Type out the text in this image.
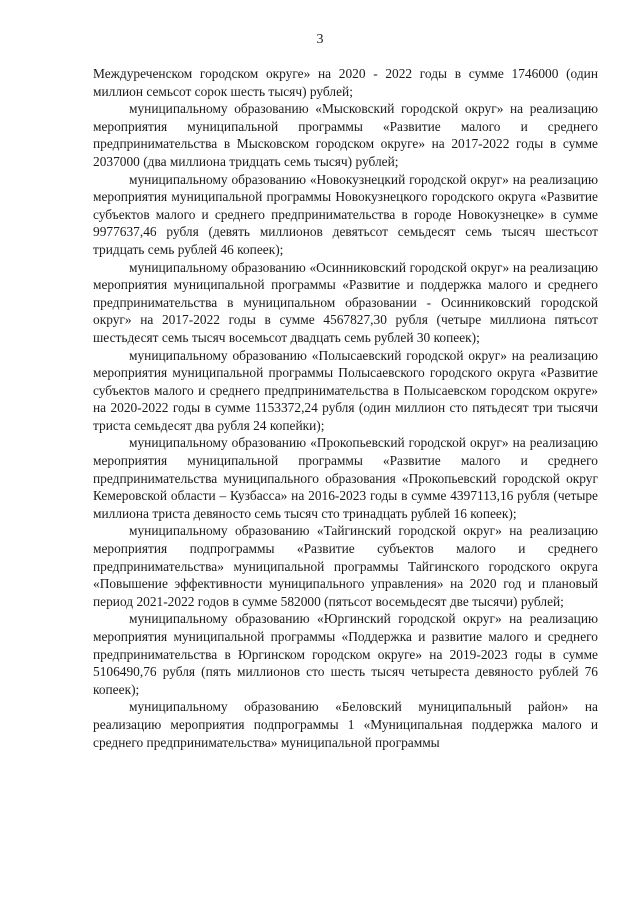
3

Междуреченском городском округе» на 2020 - 2022 годы в сумме 1746000 (один миллион семьсот сорок шесть тысяч) рублей;

муниципальному образованию «Мысковский городской округ» на реализацию мероприятия муниципальной программы «Развитие малого и среднего предпринимательства в Мысковском городском округе» на 2017-2022 годы в сумме 2037000 (два миллиона тридцать семь тысяч) рублей;

муниципальному образованию «Новокузнецкий городской округ» на реализацию мероприятия муниципальной программы Новокузнецкого городского округа «Развитие субъектов малого и среднего предпринимательства в городе Новокузнецке» в сумме 9977637,46 рубля (девять миллионов девятьсот семьдесят семь тысяч шестьсот тридцать семь рублей 46 копеек);

муниципальному образованию «Осинниковский городской округ» на реализацию мероприятия муниципальной программы «Развитие и поддержка малого и среднего предпринимательства в муниципальном образовании - Осинниковский городской округ» на 2017-2022 годы в сумме 4567827,30 рубля (четыре миллиона пятьсот шестьдесят семь тысяч восемьсот двадцать семь рублей 30 копеек);

муниципальному образованию «Полысаевский городской округ» на реализацию мероприятия муниципальной программы Полысаевского городского округа «Развитие субъектов малого и среднего предпринимательства в Полысаевском городском округе» на 2020-2022 годы в сумме 1153372,24 рубля (один миллион сто пятьдесят три тысячи триста семьдесят два рубля 24 копейки);

муниципальному образованию «Прокопьевский городской округ» на реализацию мероприятия муниципальной программы «Развитие малого и среднего предпринимательства муниципального образования «Прокопьевский городской округ Кемеровской области – Кузбасса» на 2016-2023 годы в сумме 4397113,16 рубля (четыре миллиона триста девяносто семь тысяч сто тринадцать рублей 16 копеек);

муниципальному образованию «Тайгинский городской округ» на реализацию мероприятия подпрограммы «Развитие субъектов малого и среднего предпринимательства» муниципальной программы Тайгинского городского округа «Повышение эффективности муниципального управления» на 2020 год и плановый период 2021-2022 годов в сумме 582000 (пятьсот восемьдесят две тысячи) рублей;

муниципальному образованию «Юргинский городской округ» на реализацию мероприятия муниципальной программы «Поддержка и развитие малого и среднего предпринимательства в Юргинском городском округе» на 2019-2023 годы в сумме 5106490,76 рубля (пять миллионов сто шесть тысяч четыреста девяносто рублей 76 копеек);

муниципальному образованию «Беловский муниципальный район» на реализацию мероприятия подпрограммы 1 «Муниципальная поддержка малого и среднего предпринимательства» муниципальной программы
